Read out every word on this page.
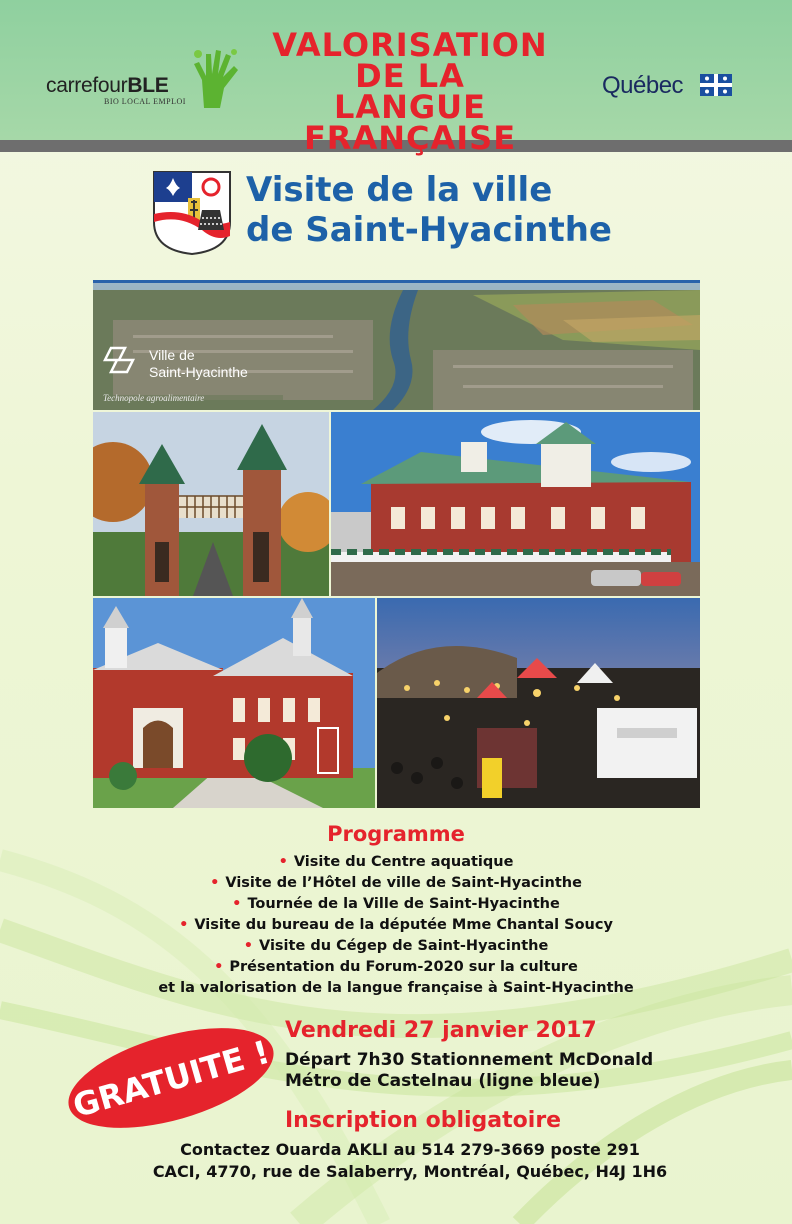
carrefourBLE
BIO LOCAL EMPLOI
VALORISATION
DE LA
LANGUE FRANÇAISE
Québec
Visite de la ville
de Saint-Hyacinthe
Ville de
Saint-Hyacinthe
Technopole agroalimentaire
Programme
• Visite du Centre aquatique
• Visite de l’Hôtel de ville de Saint-Hyacinthe
• Tournée de la Ville de Saint-Hyacinthe
• Visite du bureau de la députée Mme Chantal Soucy
• Visite du Cégep de Saint-Hyacinthe
• Présentation du Forum-2020 sur la culture
et la valorisation de la langue française à Saint-Hyacinthe
GRATUITE !
Vendredi 27 janvier 2017
Départ 7h30 Stationnement McDonald
Métro de Castelnau (ligne bleue)
Inscription obligatoire
Contactez Ouarda AKLI au 514 279-3669 poste 291
CACI, 4770, rue de Salaberry, Montréal, Québec, H4J 1H6
